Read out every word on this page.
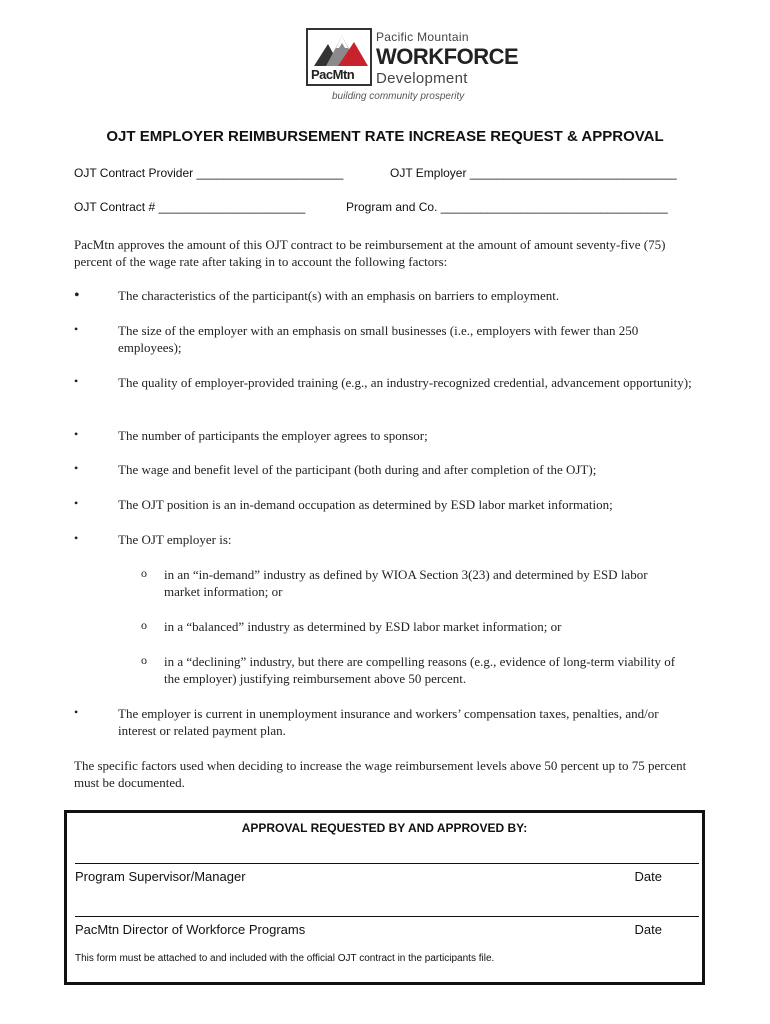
PacMtn
Pacific Mountain
WORKFORCE
Development
building community prosperity
OJT EMPLOYER REIMBURSEMENT RATE INCREASE REQUEST & APPROVAL
OJT Contract Provider ______________________	OJT Employer _______________________________
OJT Contract # ______________________	Program and Co. __________________________________
PacMtn approves the amount of this OJT contract to be reimbursement at the amount of amount seventy-five (75) percent of the wage rate after taking in to account the following factors:
•	The characteristics of the participant(s) with an emphasis on barriers to employment.
•	The size of the employer with an emphasis on small businesses (i.e., employers with fewer than 250 employees);
•	The quality of employer-provided training (e.g., an industry-recognized credential, advancement opportunity);
•	The number of participants the employer agrees to sponsor;
•	The wage and benefit level of the participant (both during and after completion of the OJT);
•	The OJT position is an in-demand occupation as determined by ESD labor market information;
•	The OJT employer is:
o in an “in-demand” industry as defined by WIOA Section 3(23) and determined by ESD labor market information; or
o in a “balanced” industry as determined by ESD labor market information; or
o in a “declining” industry, but there are compelling reasons (e.g., evidence of long-term viability of the employer) justifying reimbursement above 50 percent.
•	The employer is current in unemployment insurance and workers’ compensation taxes, penalties, and/or interest or related payment plan.
The specific factors used when deciding to increase the wage reimbursement levels above 50 percent up to 75 percent must be documented.
APPROVAL REQUESTED BY AND APPROVED BY:
Program Supervisor/Manager	Date
PacMtn Director of Workforce Programs	Date
This form must be attached to and included with the official OJT contract in the participants file.
